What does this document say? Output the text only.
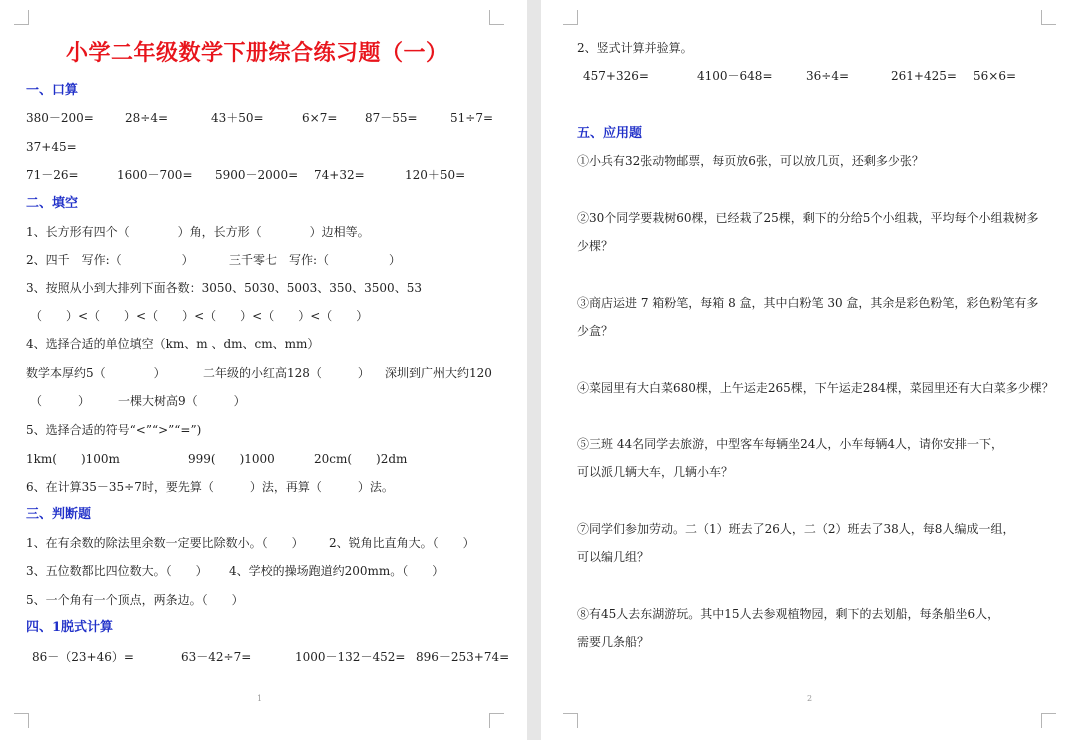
小学二年级数学下册综合练习题（一）
一、口算
380－200=	28÷4=	43＋50=	6×7= 87－55=	51÷7=
37+45=
71－26=	1600－700= 5900－2000= 74+32=	120＋50=
二、填空
1、长方形有四个（　　　　）角，长方形（　　　　）边相等。
2、四千　写作:（　　　　　）	三千零七　写作:（　　　　　）
3、按照从小到大排列下面各数：3050、5030、5003、350、3500、53
（　　）<（　　）<（　　）<（　　）<（　　）<（　　）
4、选择合适的单位填空（km、m 、dm、cm、mm）
数学本厚约5（　　　　）	二年级的小红高128（　　　） 深圳到广州大约120
（　　　） 一棵大树高9（　　　）
5、选择合适的符号“<”“>”“=”)
1km(　　)100m	999(　　)1000	20cm(　　)2dm
6、在计算35－35÷7时，要先算（　　　）法，再算（　　　）法。
三、判断题
1、在有余数的除法里余数一定要比除数小。（　　） 2、锐角比直角大。（　　）
3、五位数都比四位数大。（　　） 4、学校的操场跑道约200mm。（　　）
5、一个角有一个顶点，两条边。（　　）
四、1脱式计算
86－（23+46）=	63－42÷7=	1000－132－452= 896－253+74=
1
2、竖式计算并验算。
457+326=	4100－648=	36÷4=	261+425= 56×6=
五、应用题
①小兵有32张动物邮票，每页放6张，可以放几页，还剩多少张？
②30个同学要栽树60棵，已经栽了25棵，剩下的分给5个小组栽，平均每个小组栽树多
少棵？
③商店运进 7 箱粉笔，每箱 8 盒，其中白粉笔 30 盒，其余是彩色粉笔，彩色粉笔有多
少盒？
④菜园里有大白菜680棵，上午运走265棵，下午运走284棵，菜园里还有大白菜多少棵？
⑤三班 44名同学去旅游，中型客车每辆坐24人，小车每辆4人，请你安排一下，
可以派几辆大车，几辆小车？
⑦同学们参加劳动。二（1）班去了26人，二（2）班去了38人，每8人编成一组，
可以编几组？
⑧有45人去东湖游玩。其中15人去参观植物园，剩下的去划船，每条船坐6人，
需要几条船？
2
